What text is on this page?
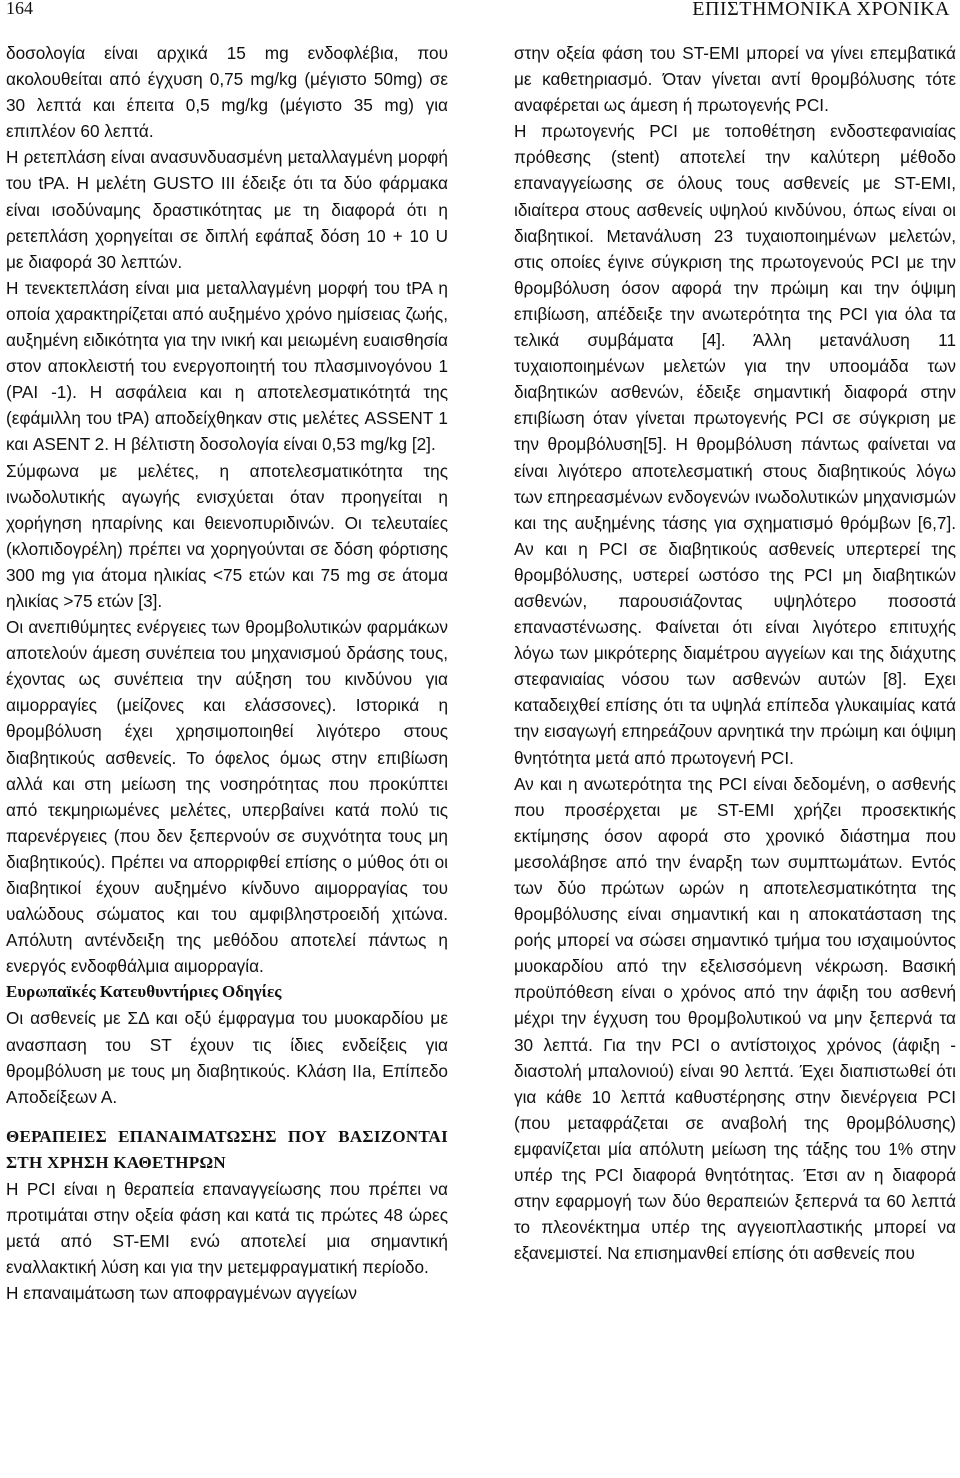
164	ΕΠΙΣΤΗΜΟΝΙΚΑ ΧΡΟΝΙΚΑ

δοσολογία είναι αρχικά 15 mg ενδοφλέβια, που ακολουθείται από έγχυση 0,75 mg/kg (μέγιστο 50mg) σε 30 λεπτά και έπειτα 0,5 mg/kg (μέγιστο 35 mg) για επιπλέον 60 λεπτά.

Η ρετεπλάση είναι ανασυνδυασμένη μεταλλαγμένη μορφή του tPA. Η μελέτη GUSTO III έδειξε ότι τα δύο φάρμακα είναι ισοδύναμης δραστικότητας με τη διαφορά ότι η ρετεπλάση χορηγείται σε διπλή εφάπαξ δόση 10 + 10 U με διαφορά 30 λεπτών.

Η τενεκτεπλάση είναι μια μεταλλαγμένη μορφή του tPA η οποία χαρακτηρίζεται από αυξημένο χρόνο ημίσειας ζωής, αυξημένη ειδικότητα για την ινική και μειωμένη ευαισθησία στον αποκλειστή του ενεργοποιητή του πλασμινογόνου 1 (PAI -1). Η ασφάλεια και η αποτελεσματικότητά της (εφάμιλλη του tPA) αποδείχθηκαν στις μελέτες ASSENT 1 και ASENT 2. Η βέλτιστη δοσολογία είναι 0,53 mg/kg [2].

Σύμφωνα με μελέτες, η αποτελεσματικότητα της ινωδολυτικής αγωγής ενισχύεται όταν προηγείται η χορήγηση ηπαρίνης και θειενοπυριδινών. Οι τελευταίες (κλοπιδογρέλη) πρέπει να χορηγούνται σε δόση φόρτισης 300 mg για άτομα ηλικίας <75 ετών και 75 mg σε άτομα ηλικίας >75 ετών [3].

Οι ανεπιθύμητες ενέργειες των θρομβολυτικών φαρμάκων αποτελούν άμεση συνέπεια του μηχανισμού δράσης τους, έχοντας ως συνέπεια την αύξηση του κινδύνου για αιμορραγίες (μείζονες και ελάσσονες). Ιστορικά η θρομβόλυση έχει χρησιμοποιηθεί λιγότερο στους διαβητικούς ασθενείς. Το όφελος όμως στην επιβίωση αλλά και στη μείωση της νοσηρότητας που προκύπτει από τεκμηριωμένες μελέτες, υπερβαίνει κατά πολύ τις παρενέργειες (που δεν ξεπερνούν σε συχνότητα τους μη διαβητικούς). Πρέπει να απορριφθεί επίσης ο μύθος ότι οι διαβητικοί έχουν αυξημένο κίνδυνο αιμορραγίας του υαλώδους σώματος και του αμφιβληστροειδή χιτώνα. Απόλυτη αντένδειξη της μεθόδου αποτελεί πάντως η ενεργός ενδοφθάλμια αιμορραγία.

Ευρωπαϊκές Κατευθυντήριες Οδηγίες

Οι ασθενείς με ΣΔ και οξύ έμφραγμα του μυοκαρδίου με ανασπαση του ST έχουν τις ίδιες ενδείξεις για θρομβόλυση με τους μη διαβητικούς. Κλάση IIa, Επίπεδο Αποδείξεων Α.

ΘΕΡΑΠΕΙΕΣ ΕΠΑΝΑΙΜΑΤΩΣΗΣ ΠΟΥ ΒΑΣΙΖΟΝΤΑΙ ΣΤΗ ΧΡΗΣΗ ΚΑΘΕΤΗΡΩΝ

Η PCI είναι η θεραπεία επαναγγείωσης που πρέπει να προτιμάται στην οξεία φάση και κατά τις πρώτες 48 ώρες μετά από ST-EMI ενώ αποτελεί μια σημαντική εναλλακτική λύση και για την μετεμφραγματική περίοδο.

Η επαναιμάτωση των αποφραγμένων αγγείων

στην οξεία φάση του ST-EMI μπορεί να γίνει επεμβατικά με καθετηριασμό. Όταν γίνεται αντί θρομβόλυσης τότε αναφέρεται ως άμεση ή πρωτογενής PCI.

Η πρωτογενής PCI με τοποθέτηση ενδοστεφανιαίας πρόθεσης (stent) αποτελεί την καλύτερη μέθοδο επαναγγείωσης σε όλους τους ασθενείς με ST-EMI, ιδιαίτερα στους ασθενείς υψηλού κινδύνου, όπως είναι οι διαβητικοί. Μετανάλυση 23 τυχαιοποιημένων μελετών, στις οποίες έγινε σύγκριση της πρωτογενούς PCI με την θρομβόλυση όσον αφορά την πρώιμη και την όψιμη επιβίωση, απέδειξε την ανωτερότητα της PCI για όλα τα τελικά συμβάματα [4]. Άλλη μετανάλυση 11 τυχαιοποιημένων μελετών για την υποομάδα των διαβητικών ασθενών, έδειξε σημαντική διαφορά στην επιβίωση όταν γίνεται πρωτογενής PCI σε σύγκριση με την θρομβόλυση[5]. Η θρομβόλυση πάντως φαίνεται να είναι λιγότερο αποτελεσματική στους διαβητικούς λόγω των επηρεασμένων ενδογενών ινωδολυτικών μηχανισμών και της αυξημένης τάσης για σχηματισμό θρόμβων [6,7]. Αν και η PCI σε διαβητικούς ασθενείς υπερτερεί της θρομβόλυσης, υστερεί ωστόσο της PCI μη διαβητικών ασθενών, παρουσιάζοντας υψηλότερο ποσοστά επαναστένωσης. Φαίνεται ότι είναι λιγότερο επιτυχής λόγω των μικρότερης διαμέτρου αγγείων και της διάχυτης στεφανιαίας νόσου των ασθενών αυτών [8]. Εχει καταδειχθεί επίσης ότι τα υψηλά επίπεδα γλυκαιμίας κατά την εισαγωγή επηρεάζουν αρνητικά την πρώιμη και όψιμη θνητότητα μετά από πρωτογενή PCI.

Αν και η ανωτερότητα της PCI είναι δεδομένη, ο ασθενής που προσέρχεται με ST-EMI χρήζει προσεκτικής εκτίμησης όσον αφορά στο χρονικό διάστημα που μεσολάβησε από την έναρξη των συμπτωμάτων. Εντός των δύο πρώτων ωρών η αποτελεσματικότητα της θρομβόλυσης είναι σημαντική και η αποκατάσταση της ροής μπορεί να σώσει σημαντικό τμήμα του ισχαιμούντος μυοκαρδίου από την εξελισσόμενη νέκρωση. Βασική προϋπόθεση είναι ο χρόνος από την άφιξη του ασθενή μέχρι την έγχυση του θρομβολυτικού να μην ξεπερνά τα 30 λεπτά. Για την PCI ο αντίστοιχος χρόνος (άφιξη - διαστολή μπαλονιού) είναι 90 λεπτά. Έχει διαπιστωθεί ότι για κάθε 10 λεπτά καθυστέρησης στην διενέργεια PCI (που μεταφράζεται σε αναβολή της θρομβόλυσης) εμφανίζεται μία απόλυτη μείωση της τάξης του 1% στην υπέρ της PCI διαφορά θνητότητας. Έτσι αν η διαφορά στην εφαρμογή των δύο θεραπειών ξεπερνά τα 60 λεπτά το πλεονέκτημα υπέρ της αγγειοπλαστικής μπορεί να εξανεμιστεί. Να επισημανθεί επίσης ότι ασθενείς που
